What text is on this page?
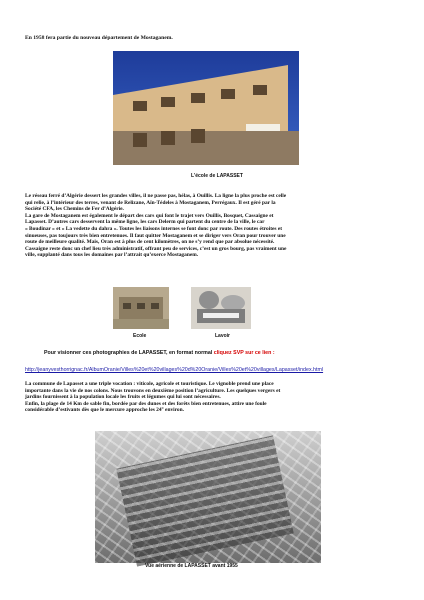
En 1958 fera partie du nouveau département de Mostaganem.
L'école de LAPASSET

Le réseau ferré d’Algérie dessert les grandes villes, il ne passe pas, hélas, à Ouillis. La ligne la plus proche est celle

qui relie, à l’intérieur des terres, venant de Relizane, Aïn-Tédeles à Mostaganem, Perrégaux. Il est géré par la

Société CFA, les Chemins de Fer d’Algérie.

La gare de Mostaganem est également le départ des cars qui font le trajet vers Ouillis, Bosquet, Cassaigne et

Lapasset. D’autres cars desservent la même ligne, les cars Delerm qui partent du centre de la ville, le car

« Boudinar » et « La vedette du dahra ». Toutes les liaisons internes se font donc par route. Des routes étroites et

sinueuses, pas toujours très bien entretenues. Il faut quitter Mostaganem et se diriger vers Oran pour trouver une

route de meilleure qualité. Mais, Oran est à plus de cent kilomètres, on ne s’y rend que par absolue nécessité.

Cassaigne reste donc un chef lieu très administratif, offrant peu de services, c’est un gros bourg, pas vraiment une

ville, supplanté dans tous les domaines par l’attrait qu’exerce Mostaganem.

Ecole	Lavoir
Pour visionner ces photographies de LAPASSET, en format normal cliquez SVP sur ce lien :
http://jeanyvesthorrignac.fr/AlbumOranie/Villes%20et%20villages%20d%20Oranie/Villes%20et%20villages/Lapasset/index.html

La commune de Lapasset a une triple vocation : viticole, agricole et touristique. Le vignoble prend une place

importante dans la vie de nos colons. Nous trouvons en deuxième position l’agriculture. Les quelques vergers et

jardins fournissent à la population locale les fruits et légumes qui lui sont nécessaires.

Enfin, la plage de 14 Km de sable fin, bordée par des dunes et des forêts bien entretenues, attire une foule

considérable d’estivants dès que le mercure approche les 24° environ.

Vue aérienne de LAPASSET avant 1955
